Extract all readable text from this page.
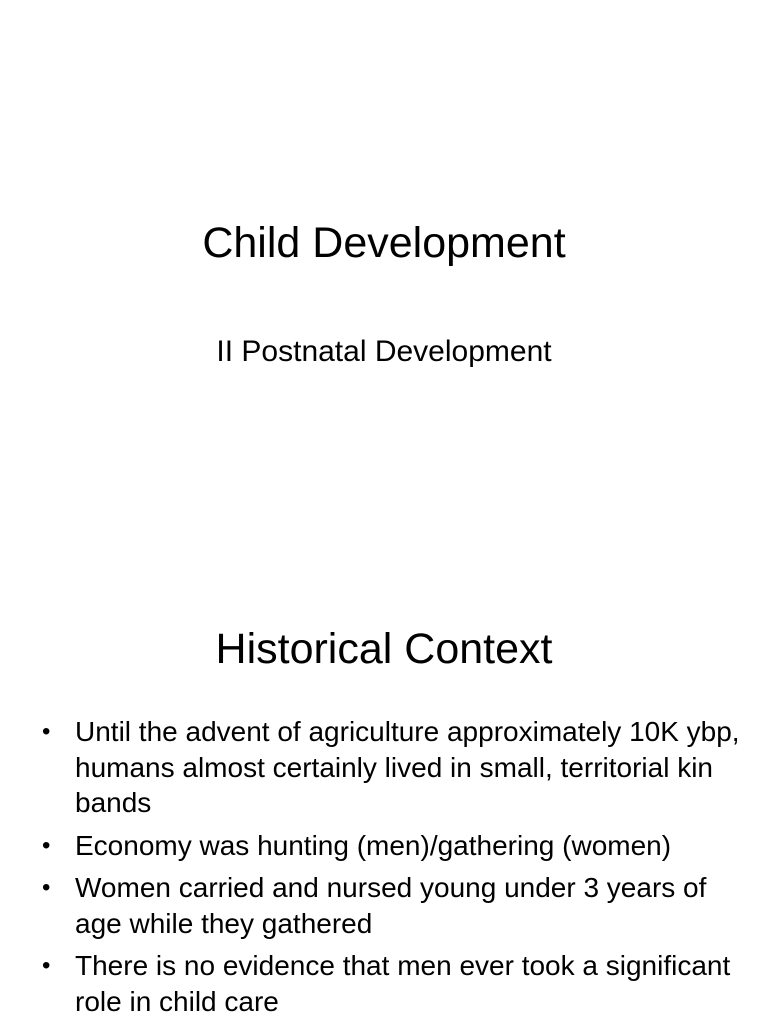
Child Development
II Postnatal Development
Historical Context
• Until the advent of agriculture approximately 10K ybp, humans almost certainly lived in small, territorial kin bands
• Economy was hunting (men)/gathering (women)
• Women carried and nursed young under 3 years of age while they gathered
• There is no evidence that men ever took a significant role in child care
